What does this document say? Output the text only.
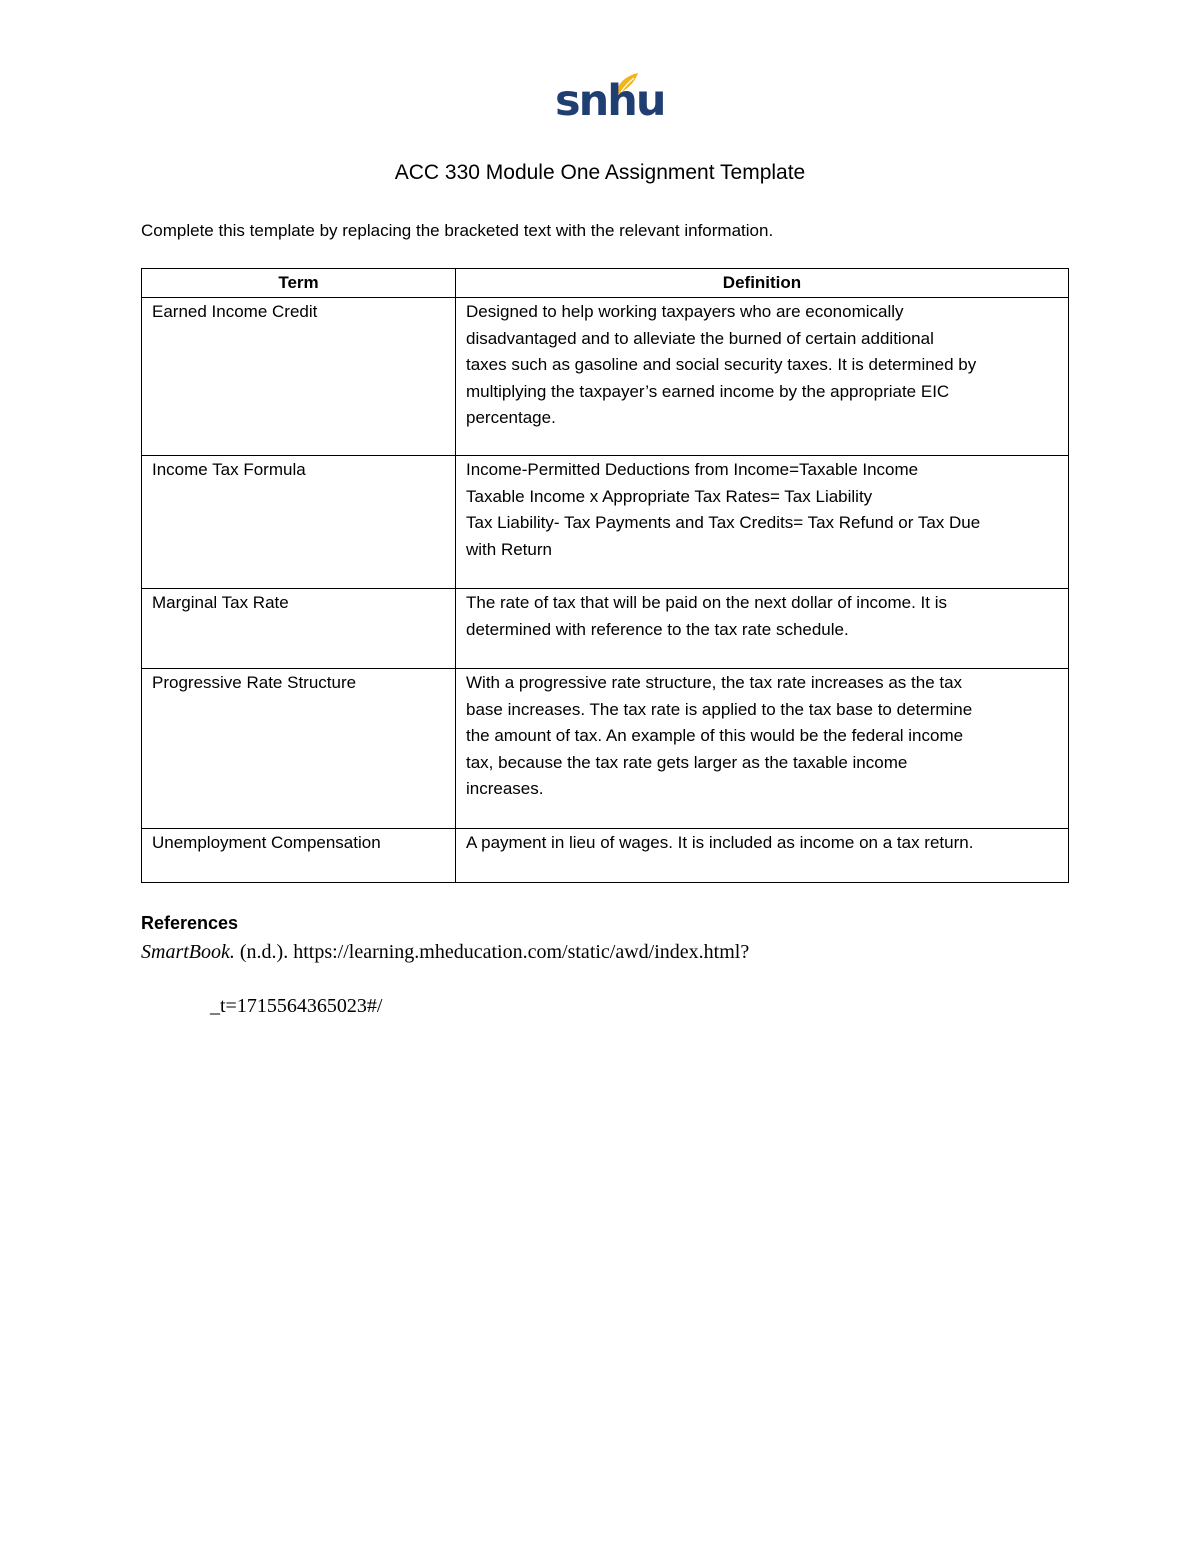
snhu
ACC 330 Module One Assignment Template
Complete this template by replacing the bracketed text with the relevant information.
Term	Definition
Earned Income Credit	Designed to help working taxpayers who are economically
disadvantaged and to alleviate the burned of certain additional
taxes such as gasoline and social security taxes. It is determined by
multiplying the taxpayer’s earned income by the appropriate EIC
percentage.

Income Tax Formula	Income-Permitted Deductions from Income=Taxable Income
Taxable Income x Appropriate Tax Rates= Tax Liability
Tax Liability- Tax Payments and Tax Credits= Tax Refund or Tax Due
with Return

Marginal Tax Rate	The rate of tax that will be paid on the next dollar of income. It is
determined with reference to the tax rate schedule.

Progressive Rate Structure	With a progressive rate structure, the tax rate increases as the tax
base increases. The tax rate is applied to the tax base to determine
the amount of tax. An example of this would be the federal income
tax, because the tax rate gets larger as the taxable income
increases.

Unemployment Compensation	A payment in lieu of wages. It is included as income on a tax return.
References
SmartBook. (n.d.). https://learning.mheducation.com/static/awd/index.html?
_t=1715564365023#/
